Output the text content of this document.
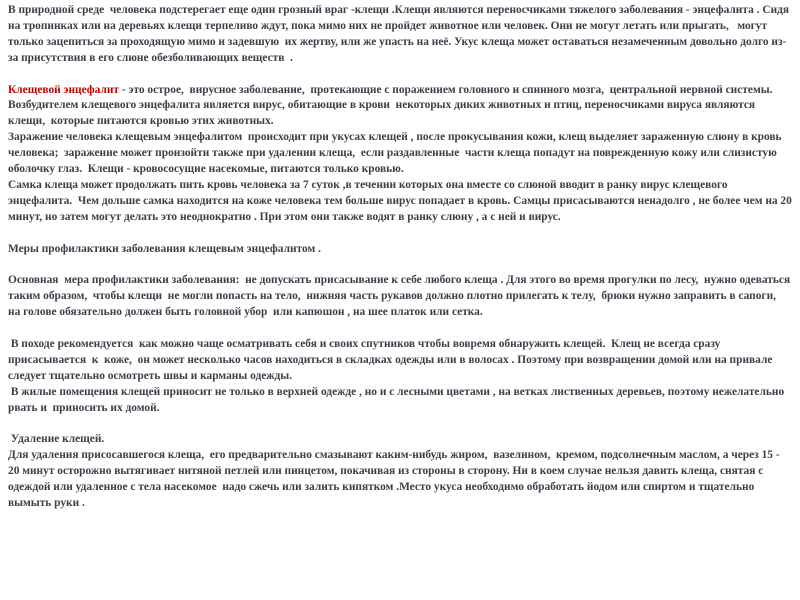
В природной среде  человека подстерегает еще один грозный враг -клещи .Клещи являются переносчиками тяжелого заболевания - энцефалита . Сидя на тропинках или на деревьях клещи терпеливо ждут, пока мимо них не пройдет животное или человек. Они не могут летать или прыгать,   могут  только зацепиться за проходящую мимо и задевшую  их жертву, или же упасть на неё. Укус клеща может оставаться незамеченным довольно долго из-за присутствия в его слюне обезболивающих веществ  .

Клещевой энцефалит - это острое,  вирусное заболевание,  протекающие с поражением головного и спинного мозга,  центральной нервной системы. Возбудителем клещевого энцефалита является вирус, обитающие в крови  некоторых диких животных и птиц, переносчиками вируса являются клещи,  которые питаются кровью этих животных.

Заражение человека клещевым энцефалитом  происходит при укусах клещей , после прокусывания кожи, клещ выделяет зараженную слюну в кровь человека;  заражение может произойти также при удалении клеща,  если раздавленные  части клеща попадут на поврежденную кожу или слизистую оболочку глаз.  Клещи - кровососущие насекомые, питаются только кровью.

Самка клеща может продолжать пить кровь человека за 7 суток ,в течении которых она вместе со слюной вводит в ранку вирус клещевого энцефалита.  Чем дольше самка находится на коже человека тем больше вирус попадает в кровь. Самцы присасываются ненадолго , не более чем на 20 минут, но затем могут делать это неоднократно . При этом они также водят в ранку слюну , а с ней и вирус.

Меры профилактики заболевания клещевым энцефалитом .

Основная  мера профилактики заболевания:  не допускать присасывание к себе любого клеща . Для этого во время прогулки по лесу,  нужно одеваться таким образом,  чтобы клещи  не могли попасть на тело,  нижняя часть рукавов должно плотно прилегать к телу,  брюки нужно заправить в сапоги,  на голове обязательно должен быть головной убор  или капюшон , на шее платок или сетка.

В походе рекомендуется  как можно чаще осматривать себя и своих спутников чтобы вовремя обнаружить клещей.  Клещ не всегда сразу присасывается  к  коже,  он может несколько часов находиться в складках одежды или в волосах . Поэтому при возвращении домой или на привале следует тщательно осмотреть швы и карманы одежды.

В жилые помещения клещей приносит не только в верхней одежде , но и с лесными цветами , на ветках лиственных деревьев, поэтому нежелательно  рвать и  приносить их домой.

Удаление клещей.

Для удаления присосавшегося клеща,  его предварительно смазывают каким-нибудь жиром,  вазелином,  кремом, подсолнечным маслом, а через 15 - 20 минут осторожно вытягивает нитяной петлей или пинцетом, покачивая из стороны в сторону. Ни в коем случае нельзя давить клеща, снятая с одеждой или удаленное с тела насекомое  надо сжечь или залить кипятком .Место укуса необходимо обработать йодом или спиртом и тщательно вымыть руки .
